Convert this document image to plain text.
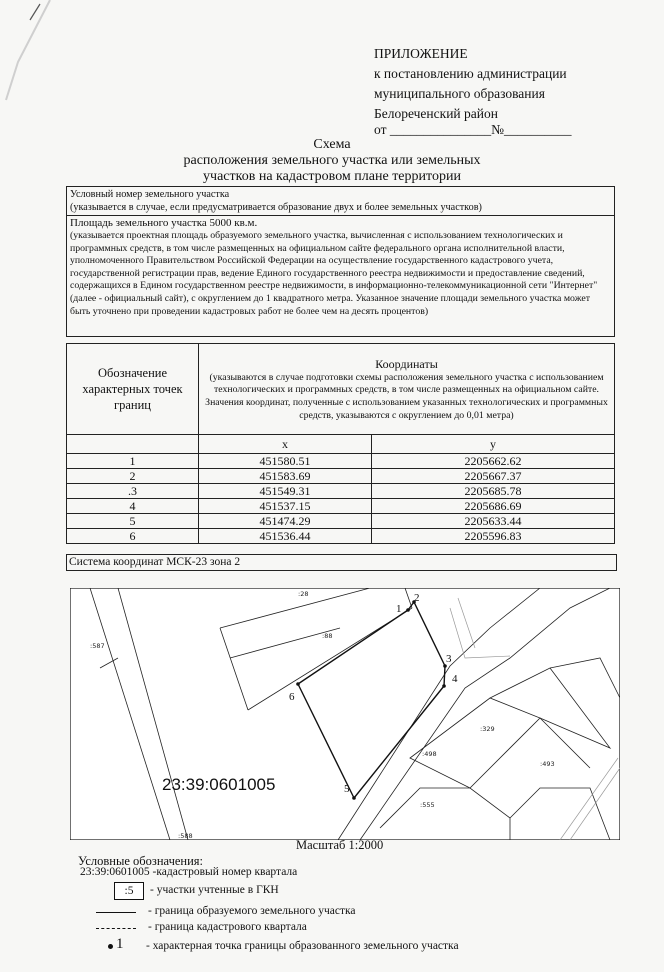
ПРИЛОЖЕНИЕ
к постановлению администрации
муниципального образования
Белореченский район
от _______________№__________
Схема
расположения земельного участка или земельных
участков на кадастровом плане территории
Условный номер земельного участка
(указывается в случае, если предусматривается образование двух и более земельных участков)

Площадь земельного участка 5000 кв.м.
(указывается проектная площадь образуемого земельного участка, вычисленная с использованием технологических и программных средств, в том числе размещенных на официальном сайте федерального органа исполнительной власти, уполномоченного Правительством Российской Федерации на осуществление государственного кадастрового учета, государственной регистрации прав, ведение Единого государственного реестра недвижимости и предоставление сведений, содержащихся в Едином государственном реестре недвижимости, в информационно-телекоммуникационной сети "Интернет" (далее - официальный сайт), с округлением до 1 квадратного метра. Указанное значение площади земельного участка может быть уточнено при проведении кадастровых работ не более чем на десять процентов)
Обозначение характерных точек границ	Координаты
(указываются в случае подготовки схемы расположения земельного участка с использованием технологических и программных средств, в том числе размещенных на официальном сайте. Значения координат, полученные с использованием указанных технологических и программных средств, указываются с округлением до 0,01 метра)	

	x	y
1	451580.51	2205662.62
2	451583.69	2205667.37
.3	451549.31	2205685.78
4	451537.15	2205686.69
5	451474.29	2205633.44
6	451536.44	2205596.83
Система координат МСК-23 зона 2
:28
:587
:88
:329
:498
:493
:555
:588
1
2
3
4
5
6
23:39:0601005
Масштаб 1:2000
Условные обозначения:
23:39:0601005 -кадастровый номер квартала
:5	- участки учтенные в ГКН
- граница образуемого земельного участка
- граница кадастрового квартала
1 - характерная точка границы образованного земельного участка
